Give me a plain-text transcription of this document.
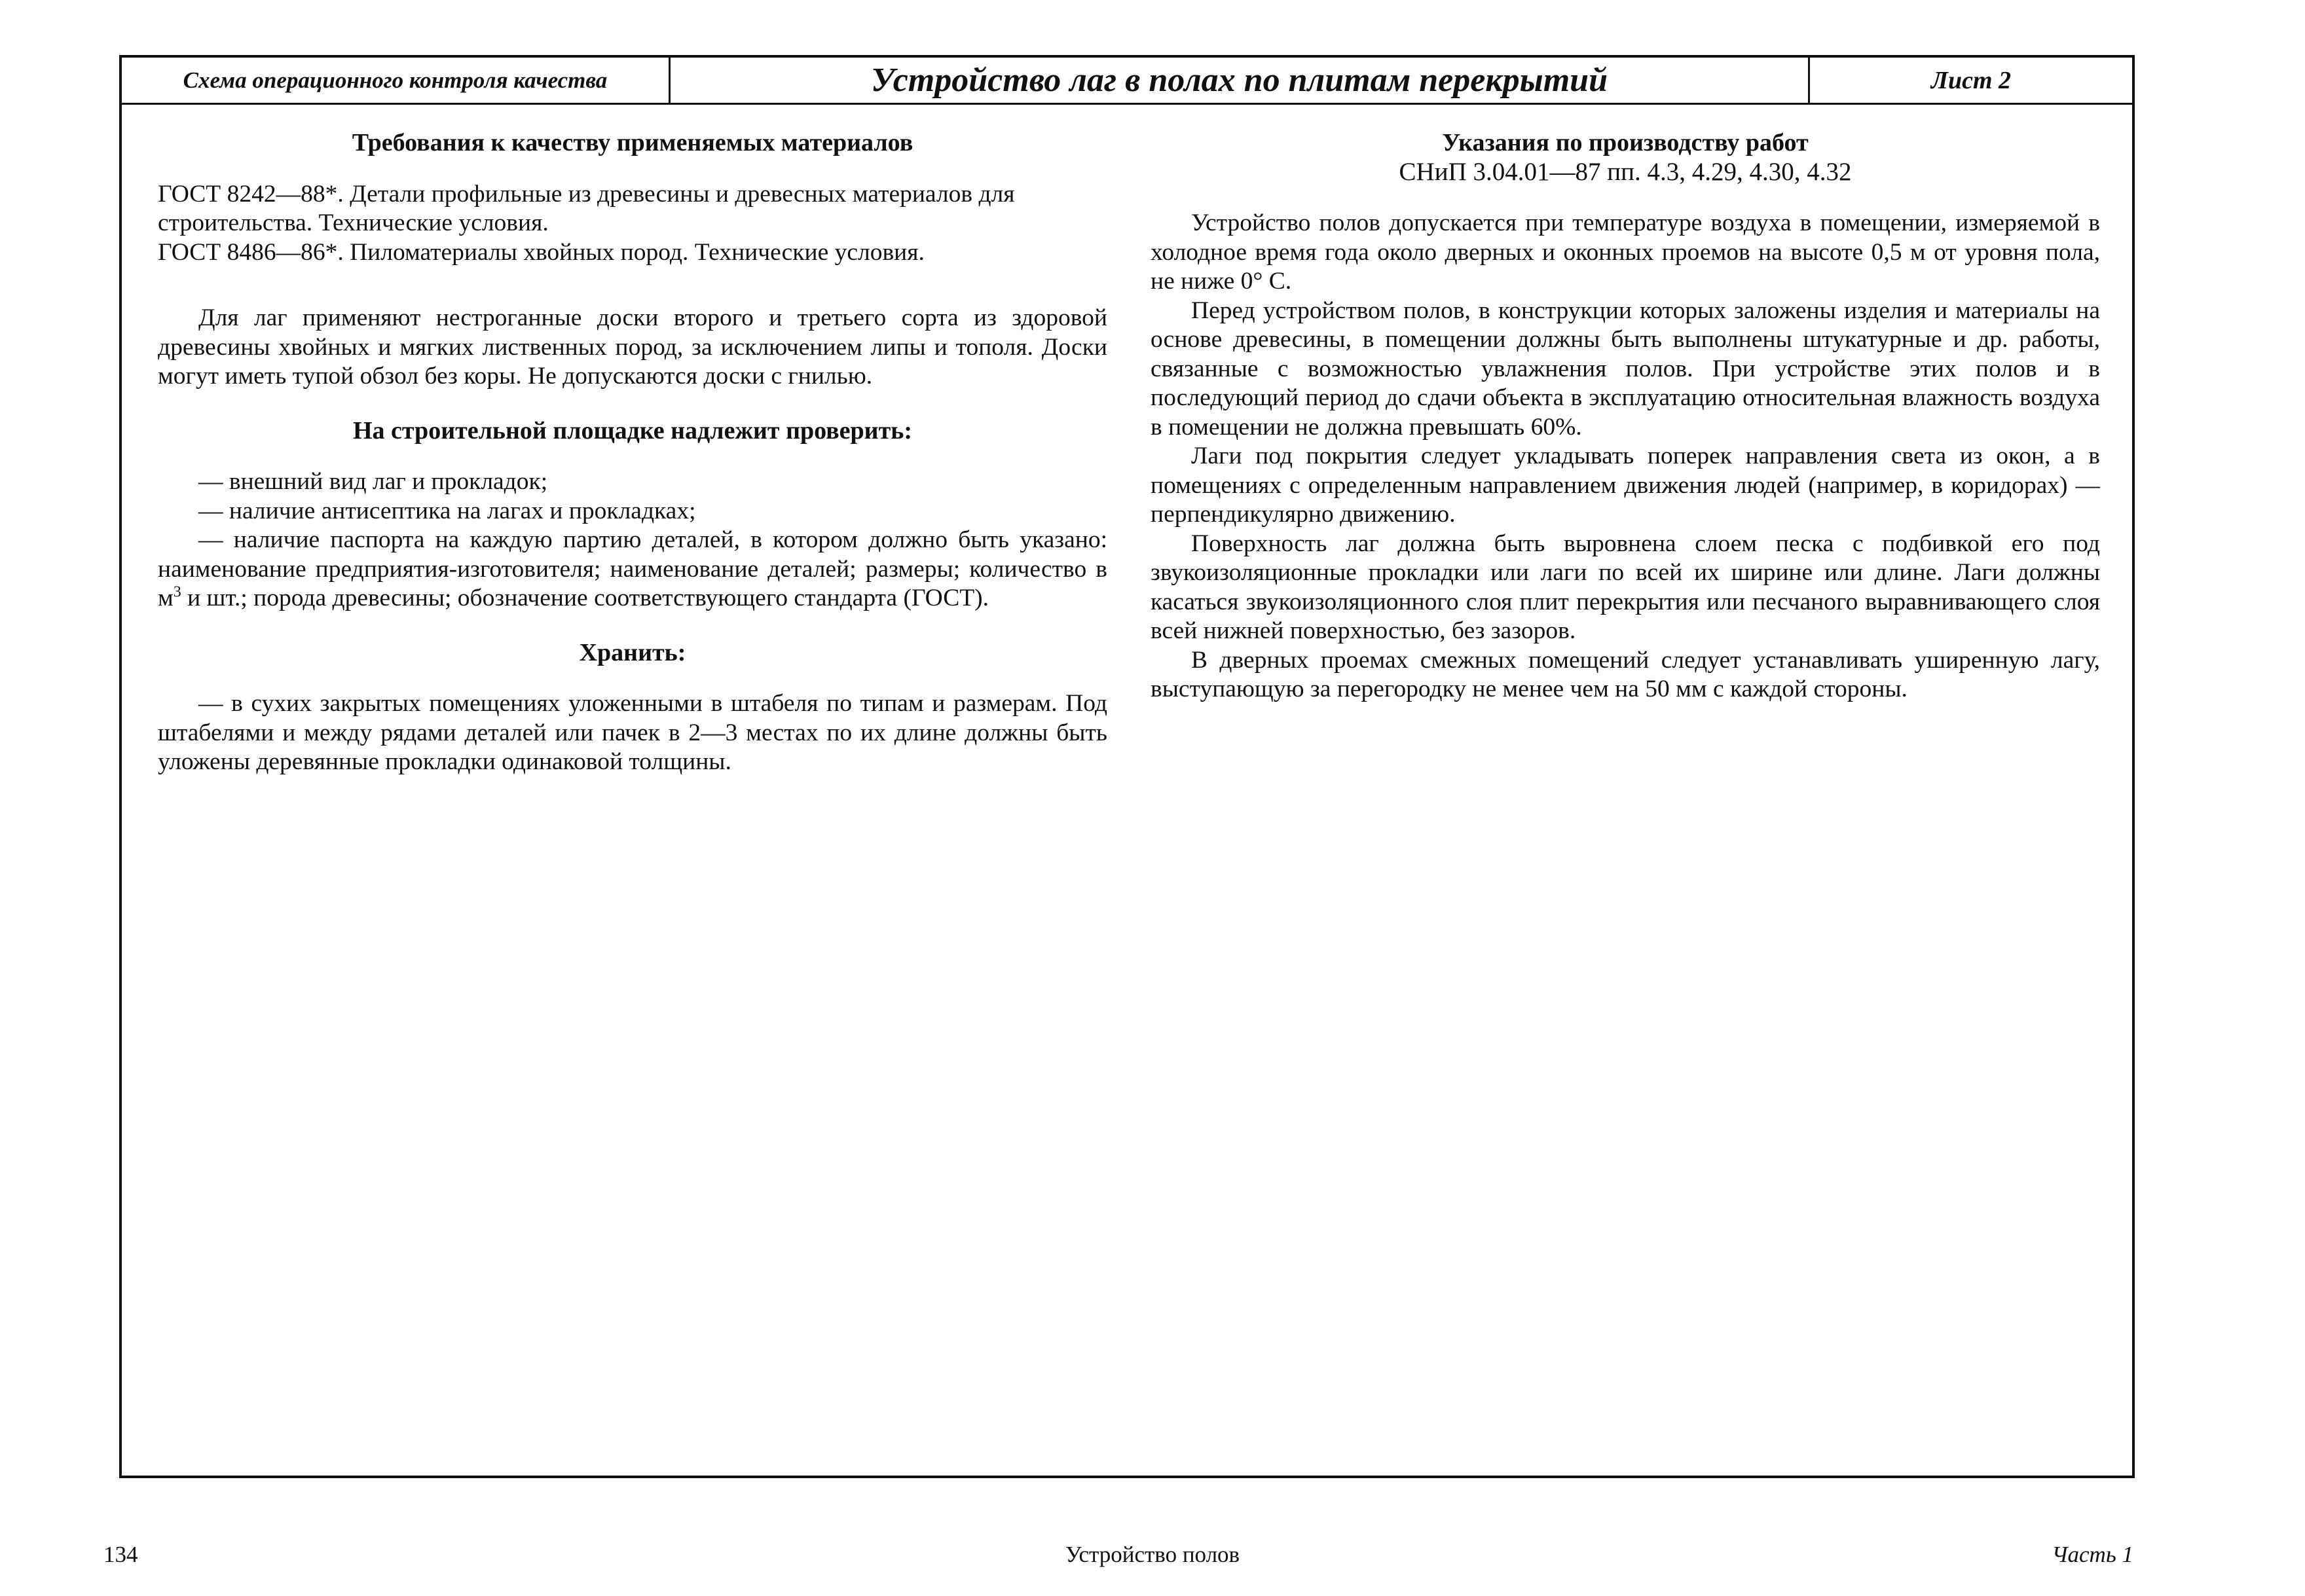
Схема операционного контроля качества	Устройство лаг в полах по плитам перекрытий	Лист 2
Требования к качеству применяемых материалов

ГОСТ 8242—88*. Детали профильные из древесины и древесных материалов для строительства. Технические условия.

ГОСТ 8486—86*. Пиломатериалы хвойных пород. Технические условия.

Для лаг применяют нестроганные доски второго и третьего сорта из здоровой древесины хвойных и мягких лиственных пород, за исключением липы и тополя. Доски могут иметь тупой обзол без коры. Не допускаются доски с гнилью.

На строительной площадке надлежит проверить:

— внешний вид лаг и прокладок;

— наличие антисептика на лагах и прокладках;

— наличие паспорта на каждую партию деталей, в котором должно быть указано: наименование предприятия-изготовителя; наименование деталей; размеры; количество в $м^3$ и шт.; порода древесины; обозначение соответствующего стандарта (ГОСТ).

Хранить:

— в сухих закрытых помещениях уложенными в штабеля по типам и размерам. Под штабелями и между рядами деталей или пачек в 2—3 местах по их длине должны быть уложены деревянные прокладки одинаковой толщины.

Указания по производству работ
СНиП 3.04.01—87 пп. 4.3, 4.29, 4.30, 4.32

Устройство полов допускается при температуре воздуха в помещении, измеряемой в холодное время года около дверных и оконных проемов на высоте 0,5 м от уровня пола, не ниже 0° С.

Перед устройством полов, в конструкции которых заложены изделия и материалы на основе древесины, в помещении должны быть выполнены штукатурные и др. работы, связанные с возможностью увлажнения полов. При устройстве этих полов и в последующий период до сдачи объекта в эксплуатацию относительная влажность воздуха в помещении не должна превышать 60%.

Лаги под покрытия следует укладывать поперек направления света из окон, а в помещениях с определенным направлением движения людей (например, в коридорах) — перпендикулярно движению.

Поверхность лаг должна быть выровнена слоем песка с подбивкой его под звукоизоляционные прокладки или лаги по всей их ширине или длине. Лаги должны касаться звукоизоляционного слоя плит перекрытия или песчаного выравнивающего слоя всей нижней поверхностью, без зазоров.

В дверных проемах смежных помещений следует устанавливать уширенную лагу, выступающую за перегородку не менее чем на 50 мм с каждой стороны.

134	Устройство полов	Часть 1
